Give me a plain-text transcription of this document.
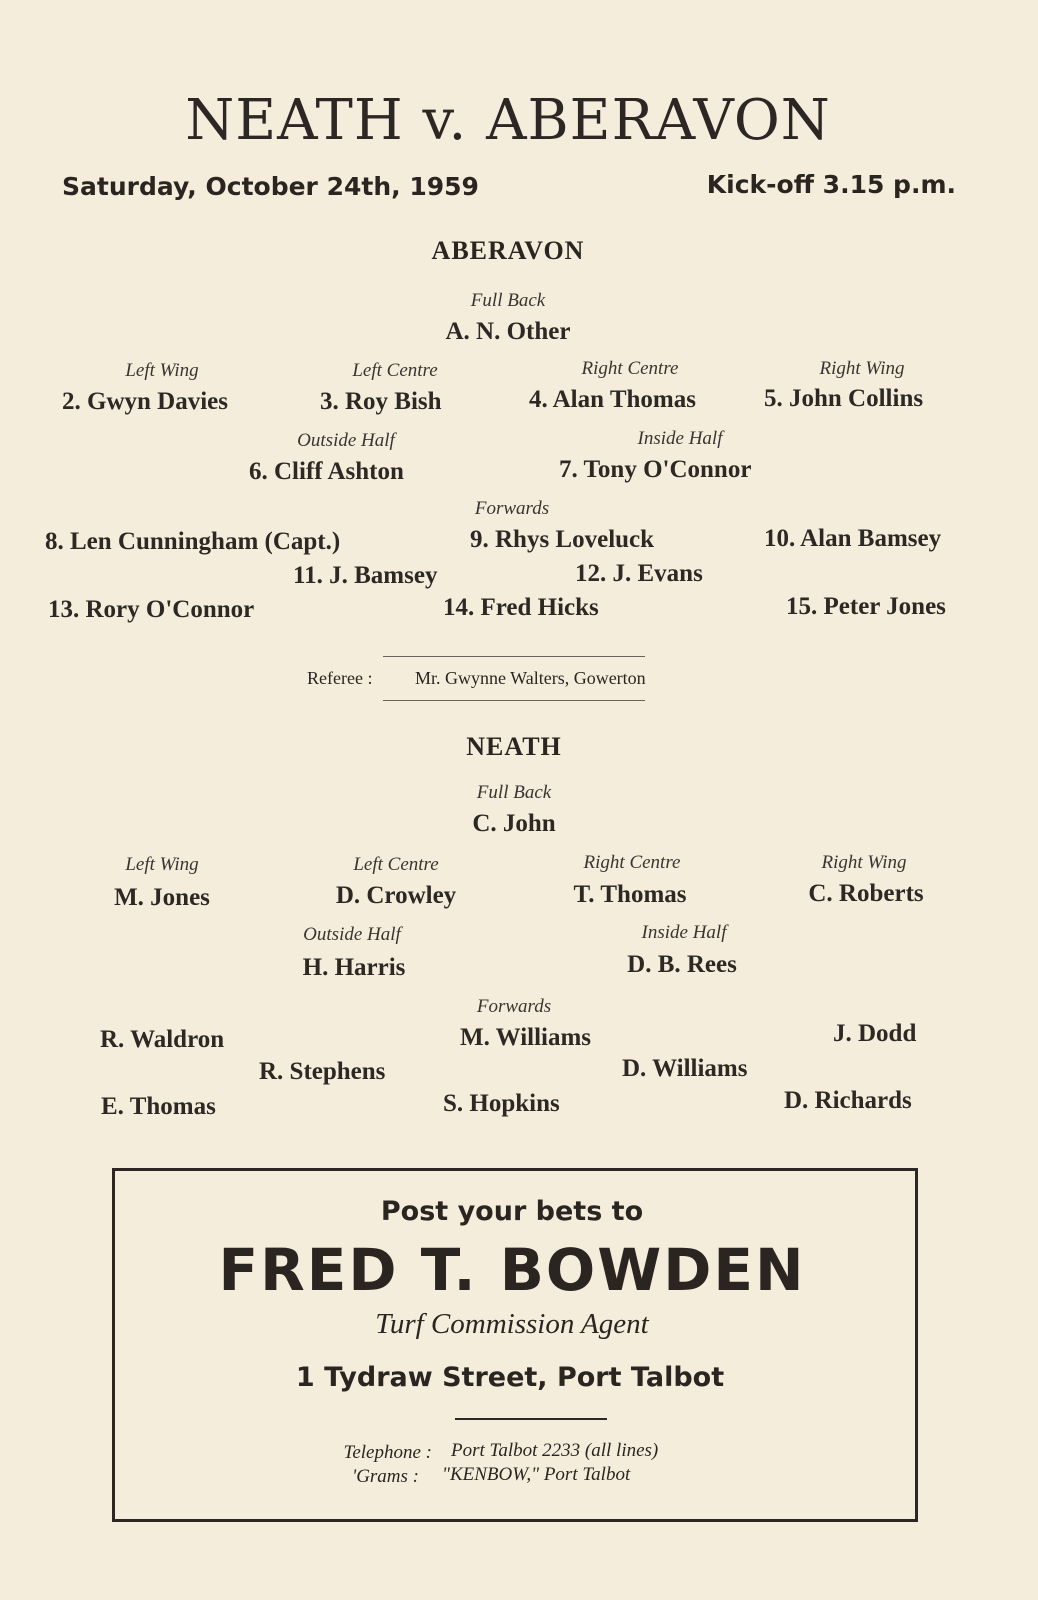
NEATH v. ABERAVON
Saturday, October 24th, 1959	Kick-off 3.15 p.m.
ABERAVON
Full Back
A. N. Other
Left Wing	Left Centre	Right Centre	Right Wing
2. Gwyn Davies	3. Roy Bish	4. Alan Thomas	5. John Collins
Outside Half	Inside Half
6. Cliff Ashton	7. Tony O'Connor
Forwards
8. Len Cunningham (Capt.)	9. Rhys Loveluck	10. Alan Bamsey
11. J. Bamsey	12. J. Evans
13. Rory O'Connor	14. Fred Hicks	15. Peter Jones
Referee : Mr. Gwynne Walters, Gowerton
NEATH
Full Back
C. John
Left Wing	Left Centre	Right Centre	Right Wing
M. Jones	D. Crowley	T. Thomas	C. Roberts
Outside Half	Inside Half
H. Harris	D. B. Rees
Forwards
R. Waldron	M. Williams	J. Dodd
R. Stephens	D. Williams
E. Thomas	S. Hopkins	D. Richards
Post your bets to
FRED T. BOWDEN
Turf Commission Agent
1 Tydraw Street, Port Talbot
Telephone : Port Talbot 2233 (all lines)
'Grams : "KENBOW," Port Talbot
